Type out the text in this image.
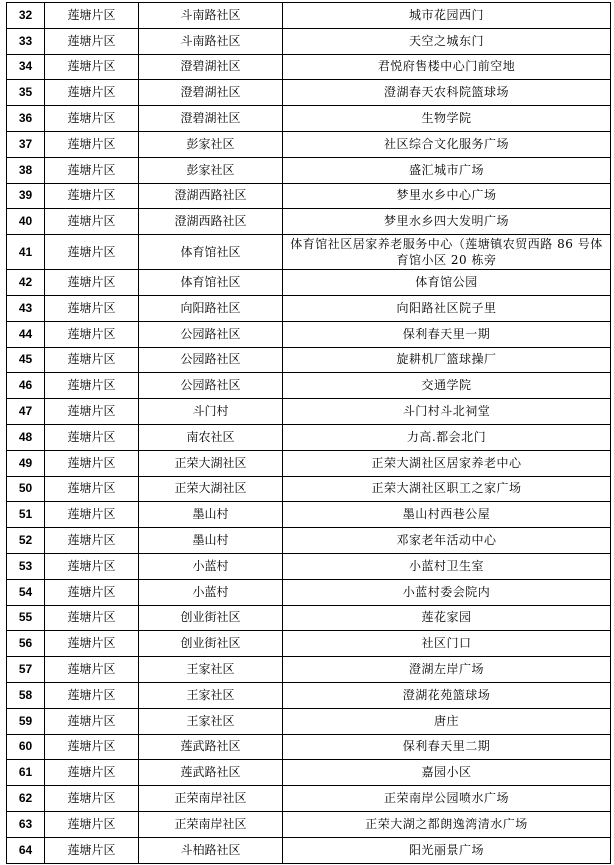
32	莲塘片区	斗南路社区	城市花园西门
33	莲塘片区	斗南路社区	天空之城东门
34	莲塘片区	澄碧湖社区	君悦府售楼中心门前空地
35	莲塘片区	澄碧湖社区	澄湖春天农科院篮球场
36	莲塘片区	澄碧湖社区	生物学院
37	莲塘片区	彭家社区	社区综合文化服务广场
38	莲塘片区	彭家社区	盛汇城市广场
39	莲塘片区	澄湖西路社区	梦里水乡中心广场
40	莲塘片区	澄湖西路社区	梦里水乡四大发明广场
41	莲塘片区	体育馆社区	体育馆社区居家养老服务中心（莲塘镇农贸西路 86 号体育馆小区 20 栋旁
42	莲塘片区	体育馆社区	体育馆公园
43	莲塘片区	向阳路社区	向阳路社区院子里
44	莲塘片区	公园路社区	保利春天里一期
45	莲塘片区	公园路社区	旋耕机厂篮球操厂
46	莲塘片区	公园路社区	交通学院
47	莲塘片区	斗门村	斗门村斗北祠堂
48	莲塘片区	南农社区	力高.都会北门
49	莲塘片区	正荣大湖社区	正荣大湖社区居家养老中心
50	莲塘片区	正荣大湖社区	正荣大湖社区职工之家广场
51	莲塘片区	墨山村	墨山村西巷公屋
52	莲塘片区	墨山村	邓家老年活动中心
53	莲塘片区	小蓝村	小蓝村卫生室
54	莲塘片区	小蓝村	小蓝村委会院内
55	莲塘片区	创业街社区	莲花家园
56	莲塘片区	创业街社区	社区门口
57	莲塘片区	王家社区	澄湖左岸广场
58	莲塘片区	王家社区	澄湖花苑篮球场
59	莲塘片区	王家社区	唐庄
60	莲塘片区	莲武路社区	保利春天里二期
61	莲塘片区	莲武路社区	嘉园小区
62	莲塘片区	正荣南岸社区	正荣南岸公园喷水广场
63	莲塘片区	正荣南岸社区	正荣大湖之都朗逸湾清水广场
64	莲塘片区	斗柏路社区	阳光丽景广场
